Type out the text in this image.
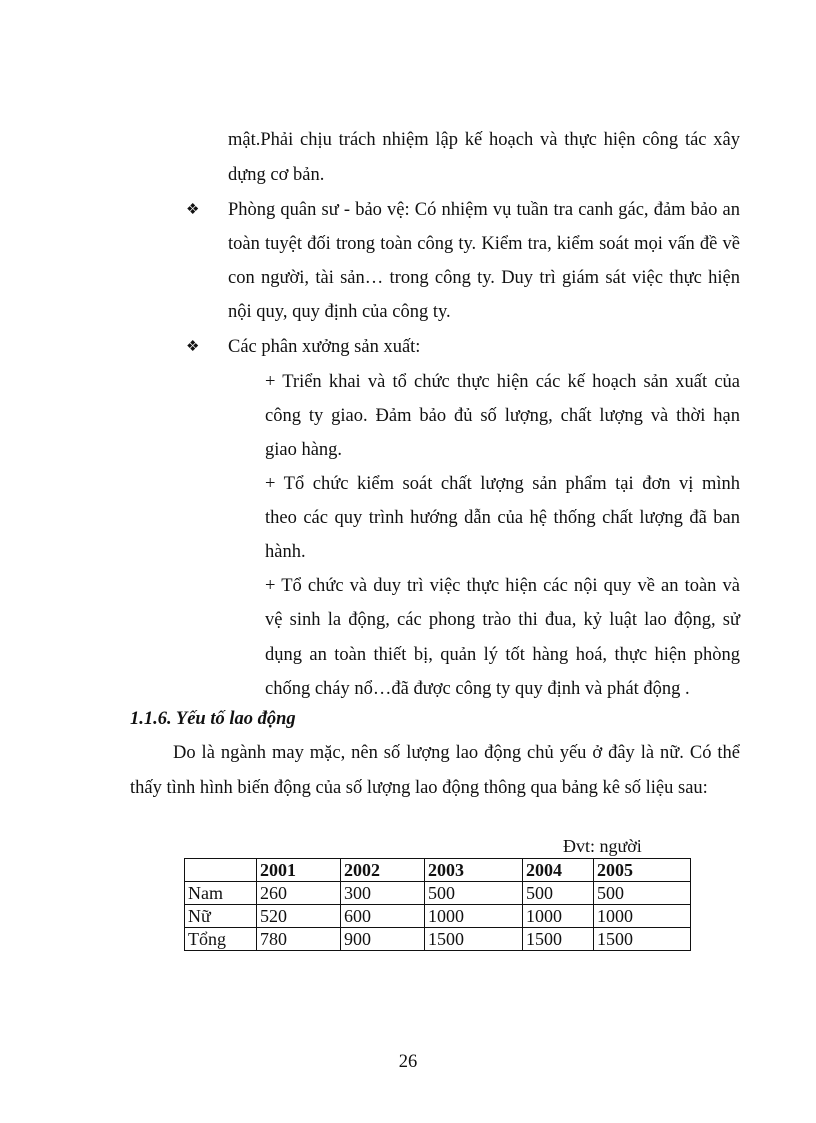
mật.Phải chịu trách nhiệm lập kế hoạch và thực hiện công tác xây
dựng cơ bản.
❖ Phòng quân sư - bảo vệ: Có nhiệm vụ tuần tra canh gác, đảm bảo an
toàn tuyệt đối trong toàn công ty. Kiểm tra, kiểm soát mọi vấn đề về
con người, tài sản… trong công ty. Duy trì giám sát việc thực hiện
nội quy, quy định của công ty.
❖ Các phân xưởng sản xuất:
+ Triển khai và tổ chức thực hiện các kế hoạch sản xuất của
công ty giao. Đảm bảo đủ số lượng, chất lượng và thời hạn
giao hàng.
+ Tổ chức kiểm soát chất lượng sản phẩm tại đơn vị mình
theo các quy trình hướng dẫn của hệ thống chất lượng đã ban
hành.
+ Tổ chức và duy trì việc thực hiện các nội quy về an toàn và
vệ sinh la động, các phong trào thi đua, kỷ luật lao động, sử
dụng an toàn thiết bị, quản lý tốt hàng hoá, thực hiện phòng
chống cháy nổ…đã được công ty quy định và phát động .
1.1.6. Yếu tố lao động
Do là ngành may mặc, nên số lượng lao động chủ yếu ở đây là nữ. Có thể
thấy tình hình biến động của số lượng lao động thông qua bảng kê số liệu sau:
Đvt: người
	2001	2002	2003	2004	2005
Nam	260	300	500	500	500
Nữ	520	600	1000	1000	1000
Tổng	780	900	1500	1500	1500
26
